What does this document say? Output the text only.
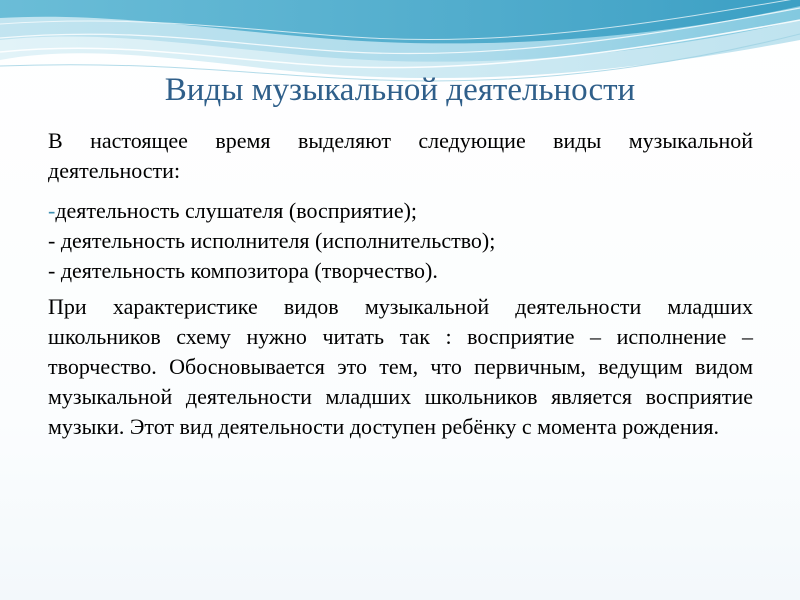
Виды музыкальной деятельности

В настоящее время выделяют следующие виды музыкальной деятельности:

-деятельность слушателя (восприятие);
- деятельность исполнителя (исполнительство);
- деятельность композитора (творчество).

При характеристике видов музыкальной деятельности младших школьников схему нужно читать так : восприятие – исполнение – творчество. Обосновывается это тем, что первичным, ведущим видом музыкальной деятельности младших школьников является восприятие музыки. Этот вид деятельности доступен ребёнку с момента рождения.
